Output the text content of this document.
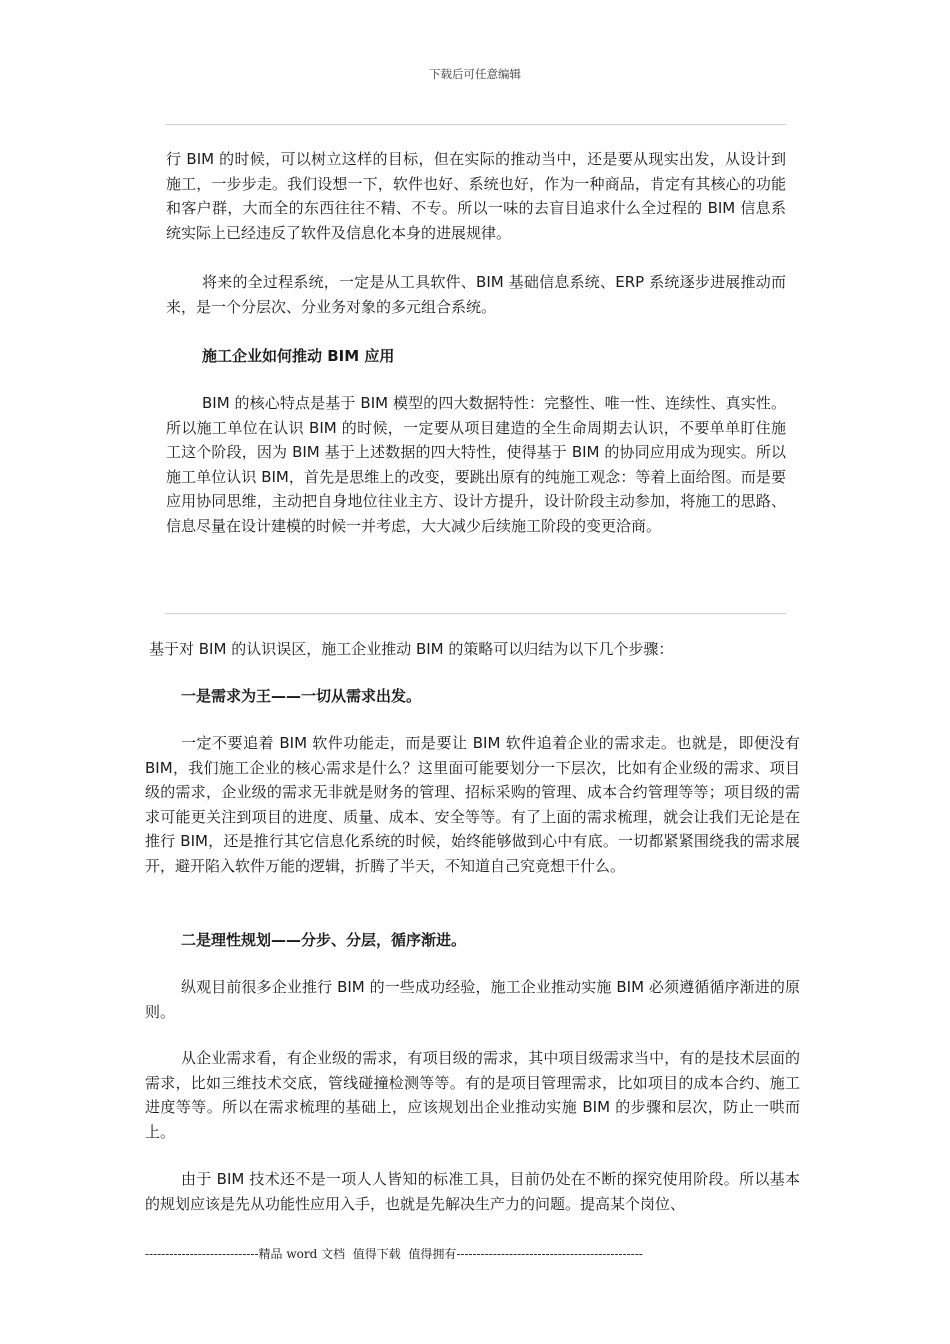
下载后可任意编辑

行 BIM 的时候，可以树立这样的目标，但在实际的推动当中，还是要从现实出发，从设计到施工，一步步走。我们设想一下，软件也好、系统也好，作为一种商品，肯定有其核心的功能和客户群，大而全的东西往往不精、不专。所以一味的去盲目追求什么全过程的 BIM 信息系统实际上已经违反了软件及信息化本身的进展规律。

将来的全过程系统，一定是从工具软件、BIM 基础信息系统、ERP 系统逐步进展推动而来，是一个分层次、分业务对象的多元组合系统。

施工企业如何推动 BIM 应用

BIM 的核心特点是基于 BIM 模型的四大数据特性：完整性、唯一性、连续性、真实性。所以施工单位在认识 BIM 的时候，一定要从项目建造的全生命周期去认识，不要单单盯住施工这个阶段，因为 BIM 基于上述数据的四大特性，使得基于 BIM 的协同应用成为现实。所以施工单位认识 BIM，首先是思维上的改变，要跳出原有的纯施工观念：等着上面给图。而是要应用协同思维，主动把自身地位往业主方、设计方提升，设计阶段主动参加，将施工的思路、信息尽量在设计建模的时候一并考虑，大大减少后续施工阶段的变更洽商。

基于对 BIM 的认识误区，施工企业推动 BIM 的策略可以归结为以下几个步骤：

一是需求为王——一切从需求出发。

一定不要追着 BIM 软件功能走，而是要让 BIM 软件追着企业的需求走。也就是，即便没有 BIM，我们施工企业的核心需求是什么？这里面可能要划分一下层次，比如有企业级的需求、项目级的需求，企业级的需求无非就是财务的管理、招标采购的管理、成本合约管理等等；项目级的需求可能更关注到项目的进度、质量、成本、安全等等。有了上面的需求梳理，就会让我们无论是在推行 BIM，还是推行其它信息化系统的时候，始终能够做到心中有底。一切都紧紧围绕我的需求展开，避开陷入软件万能的逻辑，折腾了半天，不知道自己究竟想干什么。

二是理性规划——分步、分层，循序渐进。

纵观目前很多企业推行 BIM 的一些成功经验，施工企业推动实施 BIM 必须遵循循序渐进的原则。

从企业需求看，有企业级的需求，有项目级的需求，其中项目级需求当中，有的是技术层面的需求，比如三维技术交底，管线碰撞检测等等。有的是项目管理需求，比如项目的成本合约、施工进度等等。所以在需求梳理的基础上，应该规划出企业推动实施 BIM 的步骤和层次，防止一哄而上。

由于 BIM 技术还不是一项人人皆知的标准工具，目前仍处在不断的探究使用阶段。所以基本的规划应该是先从功能性应用入手，也就是先解决生产力的问题。提高某个岗位、

----------------------------精品 word 文档  值得下载  值得拥有----------------------------------------------
